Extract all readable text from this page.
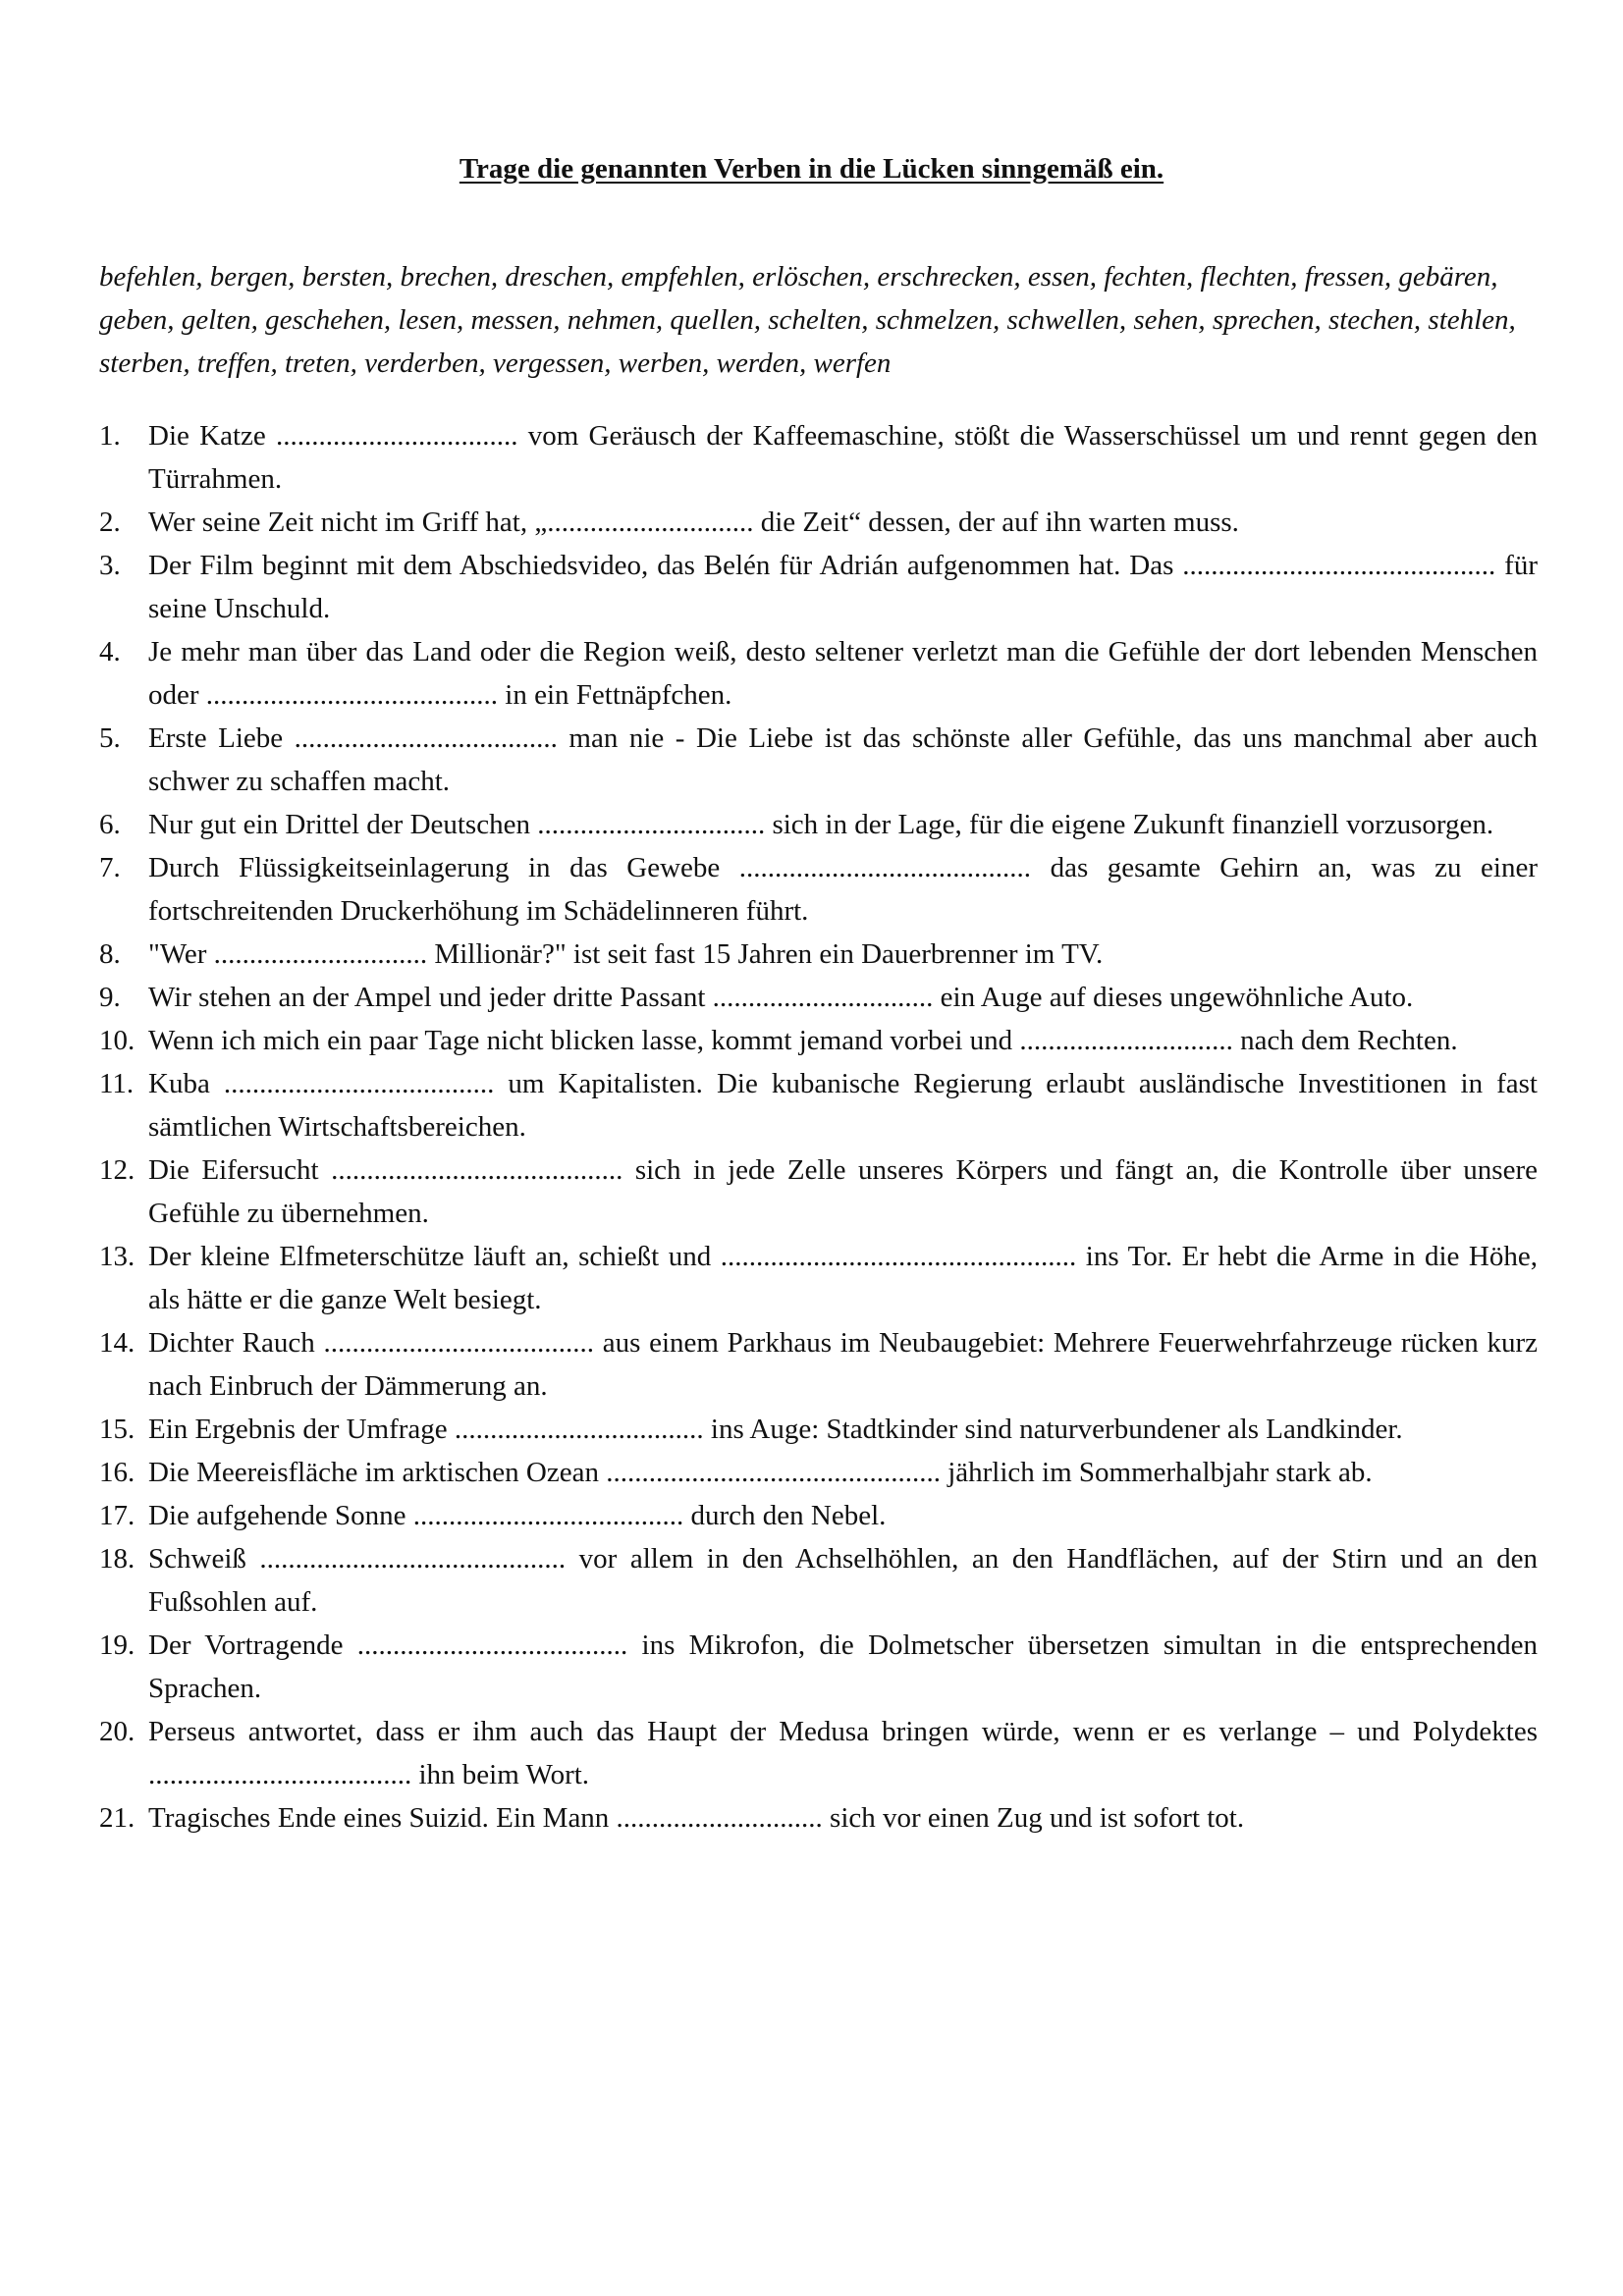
Trage die genannten Verben in die Lücken sinngemäß ein.

befehlen, bergen, bersten, brechen, dreschen, empfehlen, erlöschen, erschrecken, essen, fechten, flechten, fressen, gebären, geben, gelten, geschehen, lesen, messen, nehmen, quellen, schelten, schmelzen, schwellen, sehen, sprechen, stechen, stehlen, sterben, treffen, treten, verderben, vergessen, werben, werden, werfen

1. Die Katze .................................. vom Geräusch der Kaffeemaschine, stößt die Wasserschüssel um und rennt gegen den Türrahmen.
2. Wer seine Zeit nicht im Griff hat, „............................. die Zeit“ dessen, der auf ihn warten muss.
3. Der Film beginnt mit dem Abschiedsvideo, das Belén für Adrián aufgenommen hat. Das ............................................ für seine Unschuld.
4. Je mehr man über das Land oder die Region weiß, desto seltener verletzt man die Gefühle der dort lebenden Menschen oder ......................................... in ein Fettnäpfchen.
5. Erste Liebe ..................................... man nie - Die Liebe ist das schönste aller Gefühle, das uns manchmal aber auch schwer zu schaffen macht.
6. Nur gut ein Drittel der Deutschen ................................ sich in der Lage, für die eigene Zukunft finanziell vorzusorgen.
7. Durch Flüssigkeitseinlagerung in das Gewebe ......................................... das gesamte Gehirn an, was zu einer fortschreitenden Druckerhöhung im Schädelinneren führt.
8. "Wer .............................. Millionär?" ist seit fast 15 Jahren ein Dauerbrenner im TV.
9. Wir stehen an der Ampel und jeder dritte Passant ............................... ein Auge auf dieses ungewöhnliche Auto.
10. Wenn ich mich ein paar Tage nicht blicken lasse, kommt jemand vorbei und .............................. nach dem Rechten.
11. Kuba ...................................... um Kapitalisten. Die kubanische Regierung erlaubt ausländische Investitionen in fast sämtlichen Wirtschaftsbereichen.
12. Die Eifersucht ......................................... sich in jede Zelle unseres Körpers und fängt an, die Kontrolle über unsere Gefühle zu übernehmen.
13. Der kleine Elfmeterschütze läuft an, schießt und .................................................. ins Tor. Er hebt die Arme in die Höhe, als hätte er die ganze Welt besiegt.
14. Dichter Rauch ...................................... aus einem Parkhaus im Neubaugebiet: Mehrere Feuerwehrfahrzeuge rücken kurz nach Einbruch der Dämmerung an.
15. Ein Ergebnis der Umfrage ................................... ins Auge: Stadtkinder sind naturverbundener als Landkinder.
16. Die Meereisfläche im arktischen Ozean ............................................... jährlich im Sommerhalbjahr stark ab.
17. Die aufgehende Sonne ...................................... durch den Nebel.
18. Schweiß ........................................... vor allem in den Achselhöhlen, an den Handflächen, auf der Stirn und an den Fußsohlen auf.
19. Der Vortragende ...................................... ins Mikrofon, die Dolmetscher übersetzen simultan in die entsprechenden Sprachen.
20. Perseus antwortet, dass er ihm auch das Haupt der Medusa bringen würde, wenn er es verlange – und Polydektes ..................................... ihn beim Wort.
21. Tragisches Ende eines Suizid. Ein Mann ............................. sich vor einen Zug und ist sofort tot.
